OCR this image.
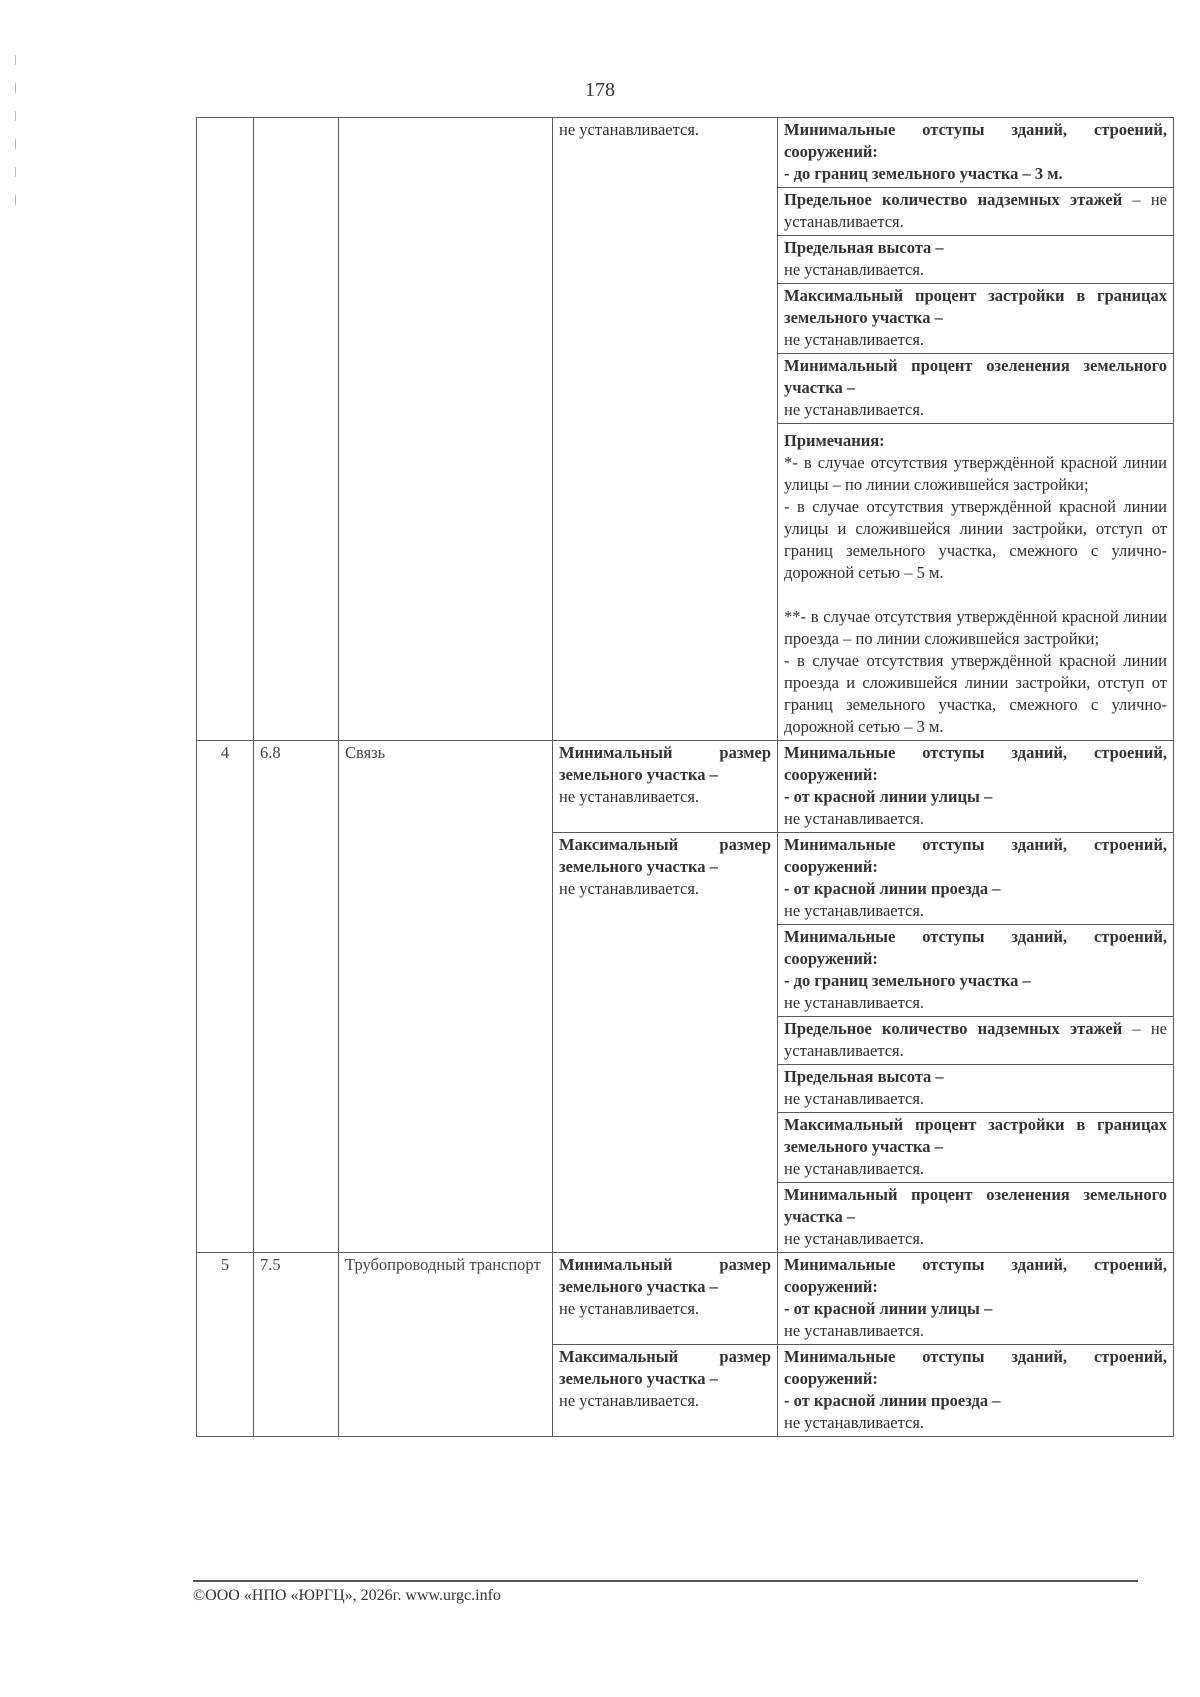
178
			не устанавливается.	Минимальные отступы зданий, строений, сооружений:
- до границ земельного участка – 3 м.
				Предельное количество надземных этажей – не устанавливается.
				Предельная высота –
не устанавливается.
				Максимальный процент застройки в границах земельного участка –
не устанавливается.
				Минимальный процент озеленения земельного участка –
не устанавливается.
				Примечания:
*- в случае отсутствия утверждённой красной линии улицы – по линии сложившейся застройки;
- в случае отсутствия утверждённой красной линии улицы и сложившейся линии застройки, отступ от границ земельного участка, смежного с улично-дорожной сетью – 5 м.
**- в случае отсутствия утверждённой красной линии проезда – по линии сложившейся застройки;
- в случае отсутствия утверждённой красной линии проезда и сложившейся линии застройки, отступ от границ земельного участка, смежного с улично-дорожной сетью – 3 м.
4	6.8	Связь	Минимальный размер земельного участка –
не устанавливается.	Минимальные отступы зданий, строений, сооружений:
- от красной линии улицы –
не устанавливается.
			Максимальный размер земельного участка –
не устанавливается.	Минимальные отступы зданий, строений, сооружений:
- от красной линии проезда –
не устанавливается.
				Минимальные отступы зданий, строений, сооружений:
- до границ земельного участка –
не устанавливается.
				Предельное количество надземных этажей – не устанавливается.
				Предельная высота –
не устанавливается.
				Максимальный процент застройки в границах земельного участка –
не устанавливается.
				Минимальный процент озеленения земельного участка –
не устанавливается.
5	7.5	Трубопроводный транспорт	Минимальный размер земельного участка –
не устанавливается.	Минимальные отступы зданий, строений, сооружений:
- от красной линии улицы –
не устанавливается.
			Максимальный размер земельного участка –
не устанавливается.	Минимальные отступы зданий, строений, сооружений:
- от красной линии проезда –
не устанавливается.
©ООО «НПО «ЮРГЦ», 2026г. www.urgc.info
